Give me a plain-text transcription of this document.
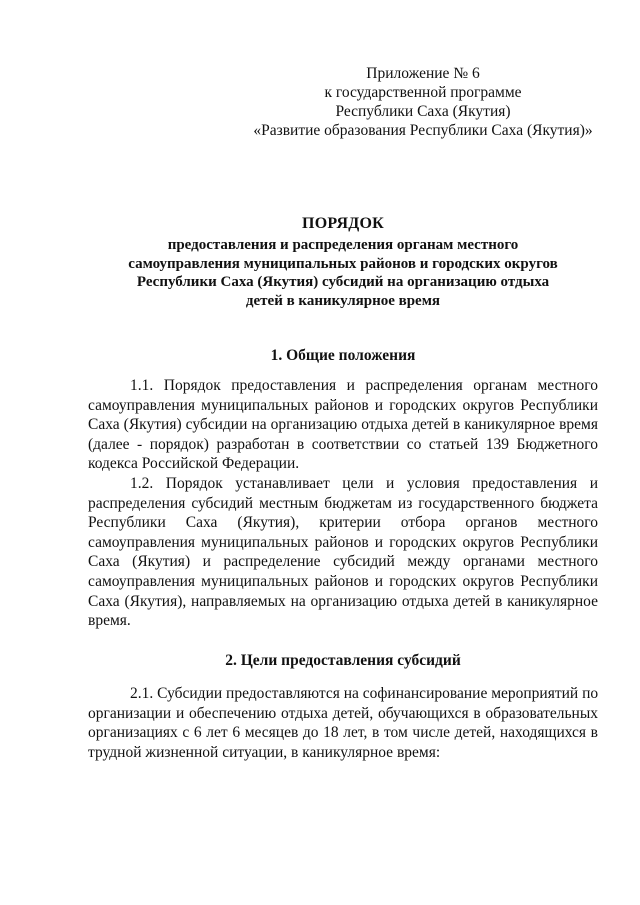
Приложение № 6
к государственной программе
Республики Саха (Якутия)
«Развитие образования Республики Саха (Якутия)»
ПОРЯДОК
предоставления и распределения органам местного
самоуправления муниципальных районов и городских округов
Республики Саха (Якутия) субсидий на организацию отдыха
детей в каникулярное время
1. Общие положения
1.1. Порядок предоставления и распределения органам местного
самоуправления муниципальных районов и городских округов Республики
Саха (Якутия) субсидии на организацию отдыха детей в каникулярное время
(далее - порядок) разработан в соответствии со статьей 139 Бюджетного
кодекса Российской Федерации.
1.2. Порядок устанавливает цели и условия предоставления и
распределения субсидий местным бюджетам из государственного бюджета
Республики Саха (Якутия), критерии отбора органов местного
самоуправления муниципальных районов и городских округов Республики
Саха (Якутия) и распределение субсидий между органами местного
самоуправления муниципальных районов и городских округов Республики
Саха (Якутия), направляемых на организацию отдыха детей в каникулярное
время.
2. Цели предоставления субсидий
2.1. Субсидии предоставляются на софинансирование мероприятий по
организации и обеспечению отдыха детей, обучающихся в образовательных
организациях с 6 лет 6 месяцев до 18 лет, в том числе детей, находящихся в
трудной жизненной ситуации, в каникулярное время:
